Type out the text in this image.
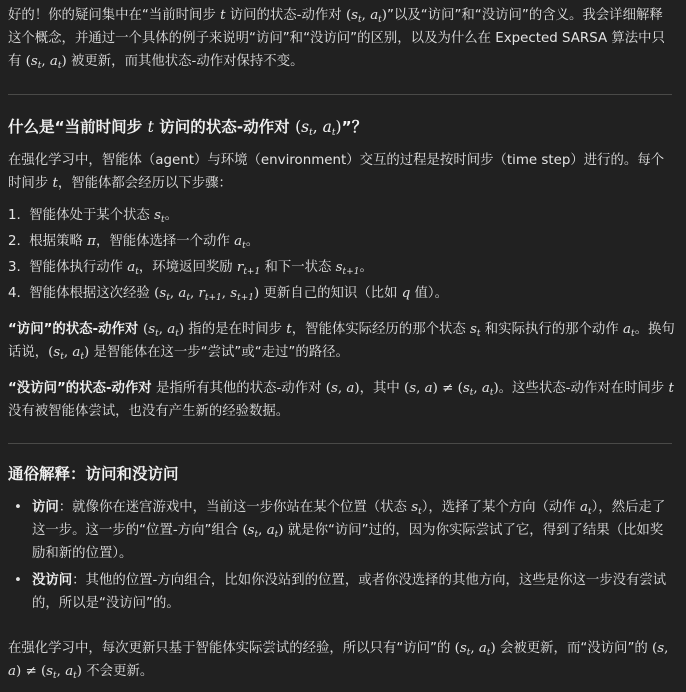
好的！你的疑问集中在“当前时间步 t 访问的状态-动作对 ($s_t$, $a_t$)”以及“访问”和“没访问”的含义。我会详细解释这个概念，并通过一个具体的例子来说明“访问”和“没访问”的区别，以及为什么在 Expected SARSA 算法中只有 ($s_t$, $a_t$) 被更新，而其他状态-动作对保持不变。

什么是“当前时间步 t 访问的状态-动作对 ($s_t$, $a_t$)”？

在强化学习中，智能体（agent）与环境（environment）交互的过程是按时间步（time step）进行的。每个时间步 t，智能体都会经历以下步骤：

1.  智能体处于某个状态 $s_t$。
2.  根据策略 π，智能体选择一个动作 $a_t$。
3.  智能体执行动作 $a_t$，环境返回奖励 $r_{t+1}$ 和下一状态 $s_{t+1}$。
4.  智能体根据这次经验 ($s_t$, $a_t$, $r_{t+1}$, $s_{t+1}$) 更新自己的知识（比如 q 值）。

“访问”的状态-动作对 ($s_t$, $a_t$) 指的是在时间步 t，智能体实际经历的那个状态 $s_t$ 和实际执行的那个动作 $a_t$。换句话说，($s_t$, $a_t$) 是智能体在这一步“尝试”或“走过”的路径。

“没访问”的状态-动作对 是指所有其他的状态-动作对 (s, a)，其中 (s, $a) \ne (s_t$, $a_t$)。这些状态-动作对在时间步 t 没有被智能体尝试，也没有产生新的经验数据。

通俗解释：访问和没访问
• 访问：就像你在迷宫游戏中，当前这一步你站在某个位置（状态 $s_t$），选择了某个方向（动作 $a_t$），然后走了这一步。这一步的“位置-方向”组合 ($s_t$, $a_t$) 就是你“访问”过的，因为你实际尝试了它，得到了结果（比如奖励和新的位置）。
• 没访问：其他的位置-方向组合，比如你没站到的位置，或者你没选择的其他方向，这些是你这一步没有尝试的，所以是“没访问”的。

在强化学习中，每次更新只基于智能体实际尝试的经验，所以只有“访问”的 ($s_t$, $a_t$) 会被更新，而“没访问”的 (s, $a) \ne (s_t$, $a_t$) 不会更新。
